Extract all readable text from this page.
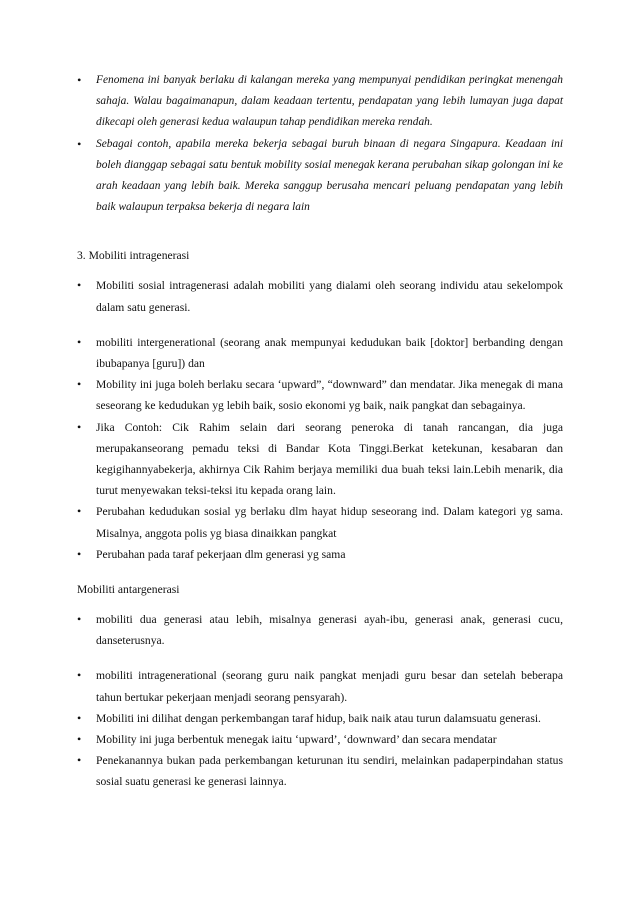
• Fenomena ini banyak berlaku di kalangan mereka yang mempunyai pendidikan peringkat menengah sahaja. Walau bagaimanapun, dalam keadaan tertentu, pendapatan yang lebih lumayan juga dapat dikecapi oleh generasi kedua walaupun tahap pendidikan mereka rendah.
• Sebagai contoh, apabila mereka bekerja sebagai buruh binaan di negara Singapura. Keadaan ini boleh dianggap sebagai satu bentuk mobility sosial menegak kerana perubahan sikap golongan ini ke arah keadaan yang lebih baik. Mereka sanggup berusaha mencari peluang pendapatan yang lebih baik walaupun terpaksa bekerja di negara lain

3. Mobiliti intragenerasi

• Mobiliti sosial intragenerasi adalah mobiliti yang dialami oleh seorang individu atau sekelompok dalam satu generasi.
• mobiliti intergenerational (seorang anak mempunyai kedudukan baik [doktor] berbanding dengan ibubapanya [guru]) dan
• Mobility ini juga boleh berlaku secara ‘upward”, “downward” dan mendatar. Jika menegak di mana seseorang ke kedudukan yg lebih baik, sosio ekonomi yg baik, naik pangkat dan sebagainya.
• Jika Contoh: Cik Rahim selain dari seorang peneroka di tanah rancangan, dia juga merupakanseorang pemadu teksi di Bandar Kota Tinggi.Berkat ketekunan, kesabaran dan kegigihannyabekerja, akhirnya Cik Rahim berjaya memiliki dua buah teksi lain.Lebih menarik, dia turut menyewakan teksi-teksi itu kepada orang lain.
• Perubahan kedudukan sosial yg berlaku dlm hayat hidup seseorang ind. Dalam kategori yg sama. Misalnya, anggota polis yg biasa dinaikkan pangkat
• Perubahan pada taraf pekerjaan dlm generasi yg sama

Mobiliti antargenerasi

• mobiliti dua generasi atau lebih, misalnya generasi ayah-ibu, generasi anak, generasi cucu, danseterusnya.
• mobiliti intragenerational (seorang guru naik pangkat menjadi guru besar dan setelah beberapa tahun bertukar pekerjaan menjadi seorang pensyarah).
• Mobiliti ini dilihat dengan perkembangan taraf hidup, baik naik atau turun dalamsuatu generasi.
• Mobility ini juga berbentuk menegak iaitu ‘upward’, ‘downward’ dan secara mendatar
• Penekanannya bukan pada perkembangan keturunan itu sendiri, melainkan padaperpindahan status sosial suatu generasi ke generasi lainnya.
